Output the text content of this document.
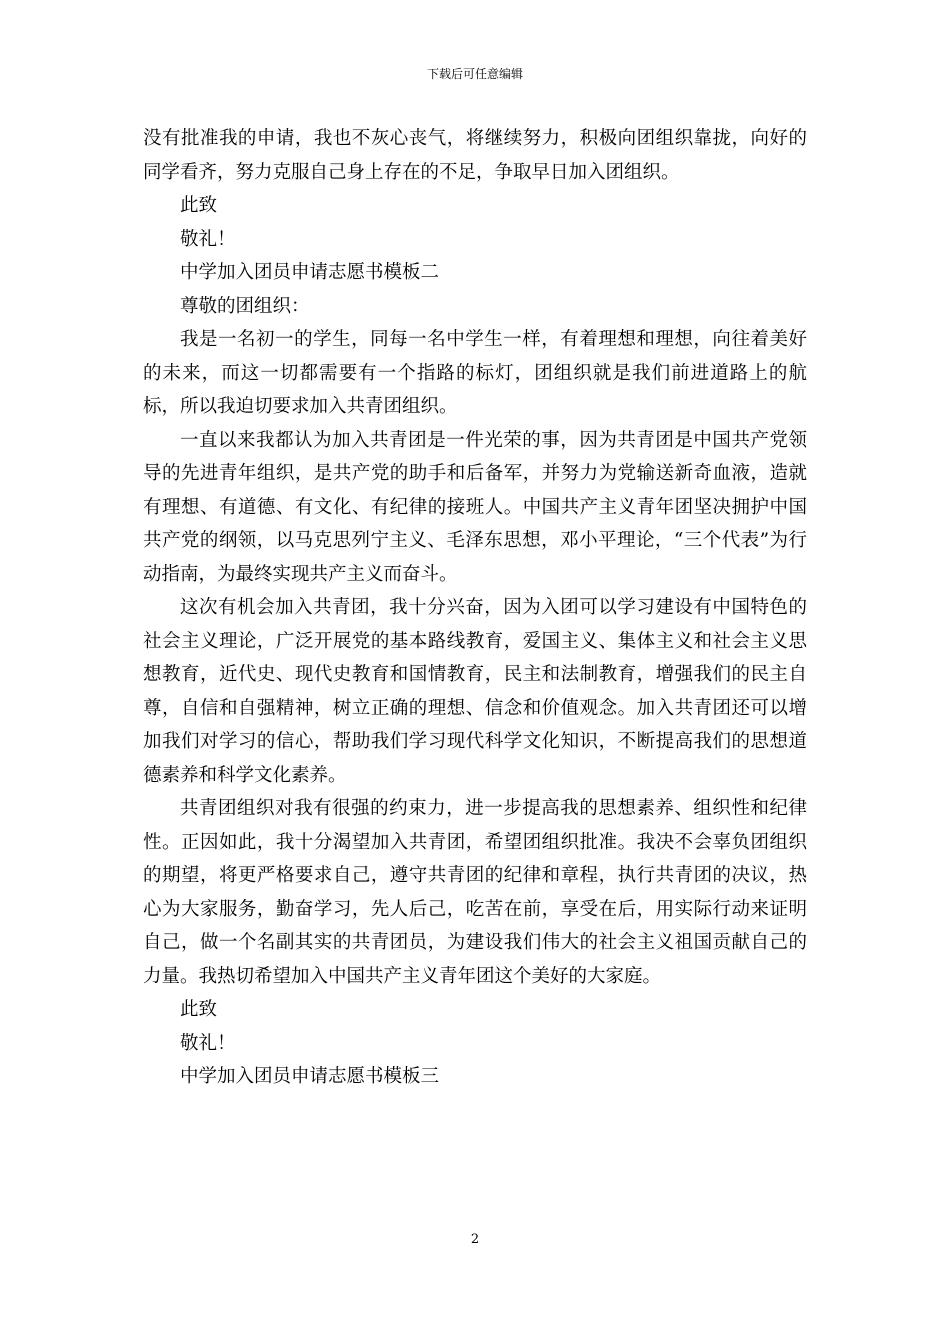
下载后可任意编辑

没有批准我的申请，我也不灰心丧气，将继续努力，积极向团组织靠拢，向好的同学看齐，努力克服自己身上存在的不足，争取早日加入团组织。

此致

敬礼！

中学加入团员申请志愿书模板二

尊敬的团组织：

我是一名初一的学生，同每一名中学生一样，有着理想和理想，向往着美好的未来，而这一切都需要有一个指路的标灯，团组织就是我们前进道路上的航标，所以我迫切要求加入共青团组织。

一直以来我都认为加入共青团是一件光荣的事，因为共青团是中国共产党领导的先进青年组织，是共产党的助手和后备军，并努力为党输送新奇血液，造就有理想、有道德、有文化、有纪律的接班人。中国共产主义青年团坚决拥护中国共产党的纲领，以马克思列宁主义、毛泽东思想，邓小平理论，“三个代表”为行动指南，为最终实现共产主义而奋斗。

这次有机会加入共青团，我十分兴奋，因为入团可以学习建设有中国特色的社会主义理论，广泛开展党的基本路线教育，爱国主义、集体主义和社会主义思想教育，近代史、现代史教育和国情教育，民主和法制教育，增强我们的民主自尊，自信和自强精神，树立正确的理想、信念和价值观念。加入共青团还可以增加我们对学习的信心，帮助我们学习现代科学文化知识，不断提高我们的思想道德素养和科学文化素养。

共青团组织对我有很强的约束力，进一步提高我的思想素养、组织性和纪律性。正因如此，我十分渴望加入共青团，希望团组织批准。我决不会辜负团组织的期望，将更严格要求自己，遵守共青团的纪律和章程，执行共青团的决议，热心为大家服务，勤奋学习，先人后己，吃苦在前，享受在后，用实际行动来证明自己，做一个名副其实的共青团员，为建设我们伟大的社会主义祖国贡献自己的力量。我热切希望加入中国共产主义青年团这个美好的大家庭。

此致

敬礼！

中学加入团员申请志愿书模板三

2
